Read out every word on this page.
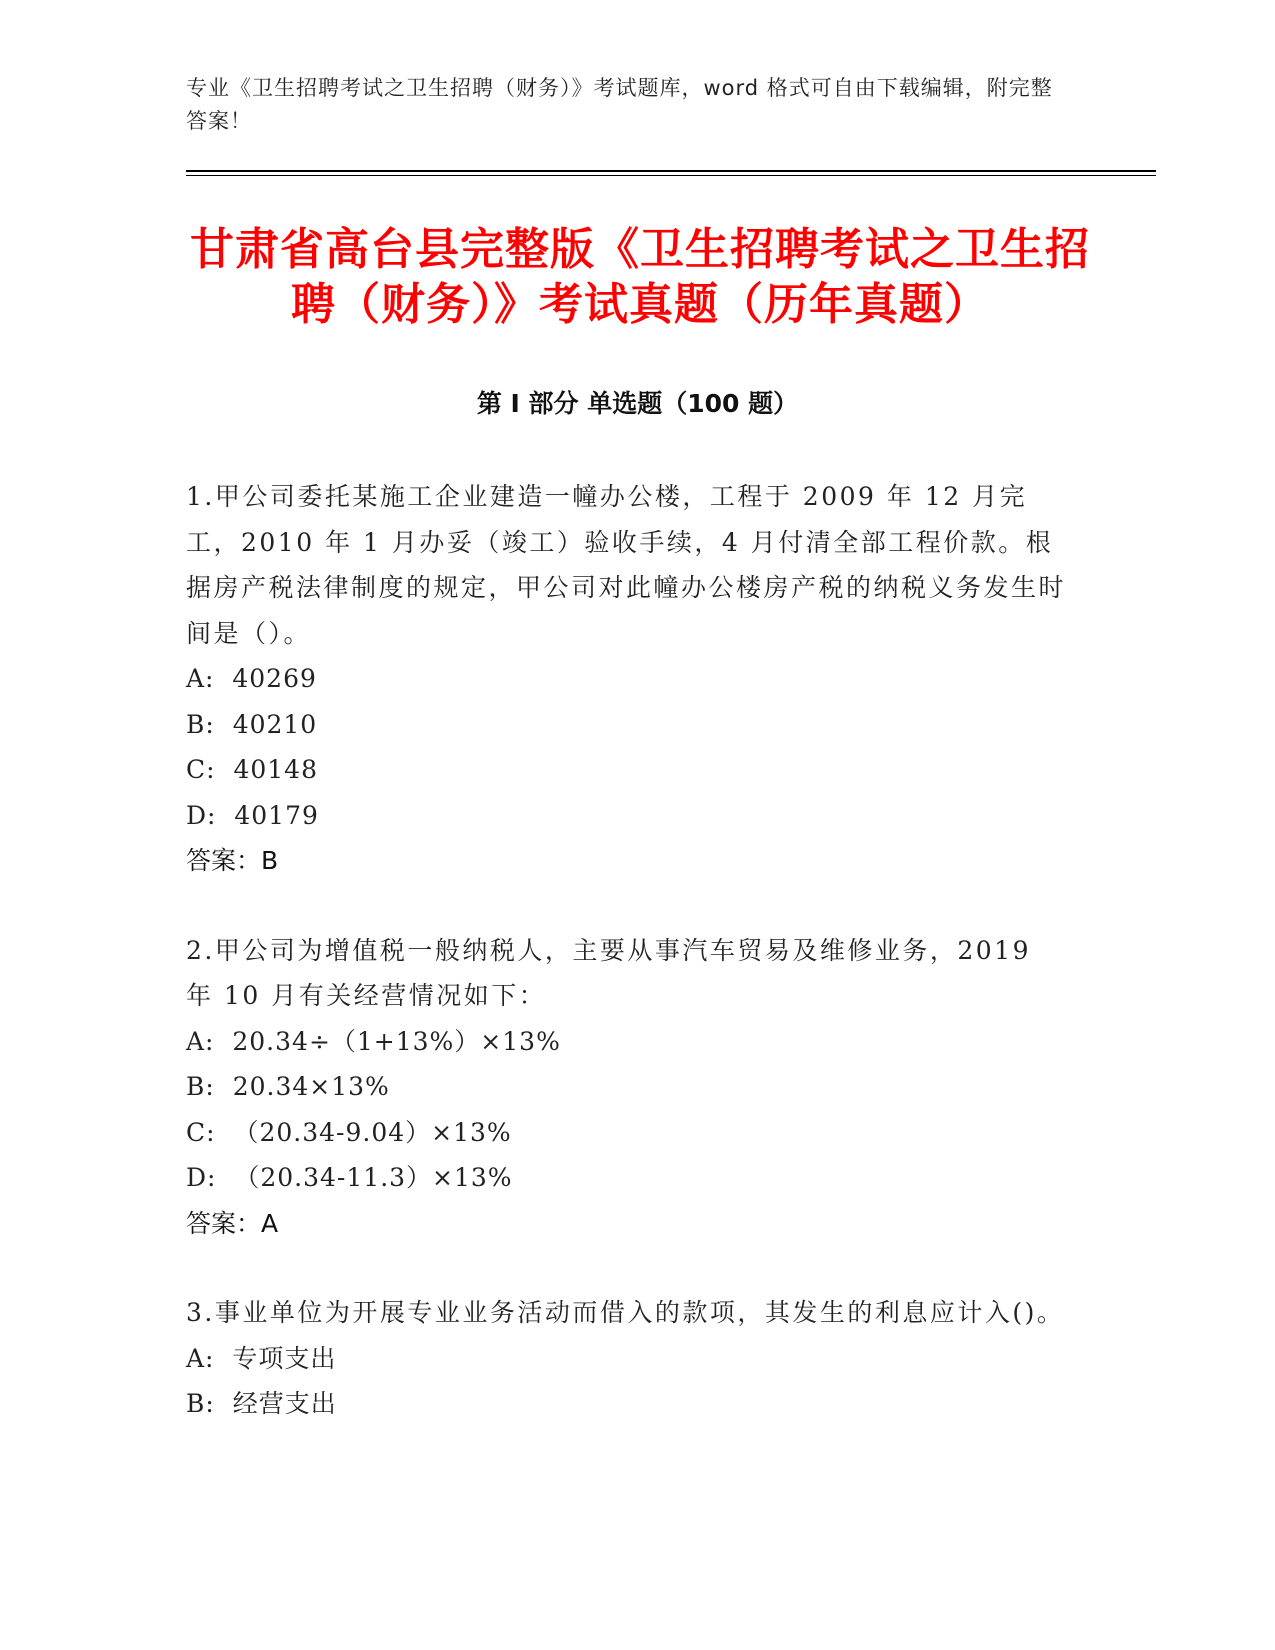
专业《卫生招聘考试之卫生招聘（财务）》考试题库，word 格式可自由下载编辑，附完整答案！
甘肃省高台县完整版《卫生招聘考试之卫生招聘（财务）》考试真题（历年真题）
第 I 部分 单选题（100 题）
1.甲公司委托某施工企业建造一幢办公楼，工程于 2009 年 12 月完工，2010 年 1 月办妥（竣工）验收手续，4 月付清全部工程价款。根据房产税法律制度的规定，甲公司对此幢办公楼房产税的纳税义务发生时间是（）。
A:  40269
B:  40210
C:  40148
D:  40179
答案：B
2.甲公司为增值税一般纳税人，主要从事汽车贸易及维修业务，2019 年 10 月有关经营情况如下：
A:  20.34÷（1+13%）×13%
B:  20.34×13%
C:  （20.34-9.04）×13%
D:  （20.34-11.3）×13%
答案：A
3.事业单位为开展专业业务活动而借入的款项，其发生的利息应计入()。
A:  专项支出
B:  经营支出
